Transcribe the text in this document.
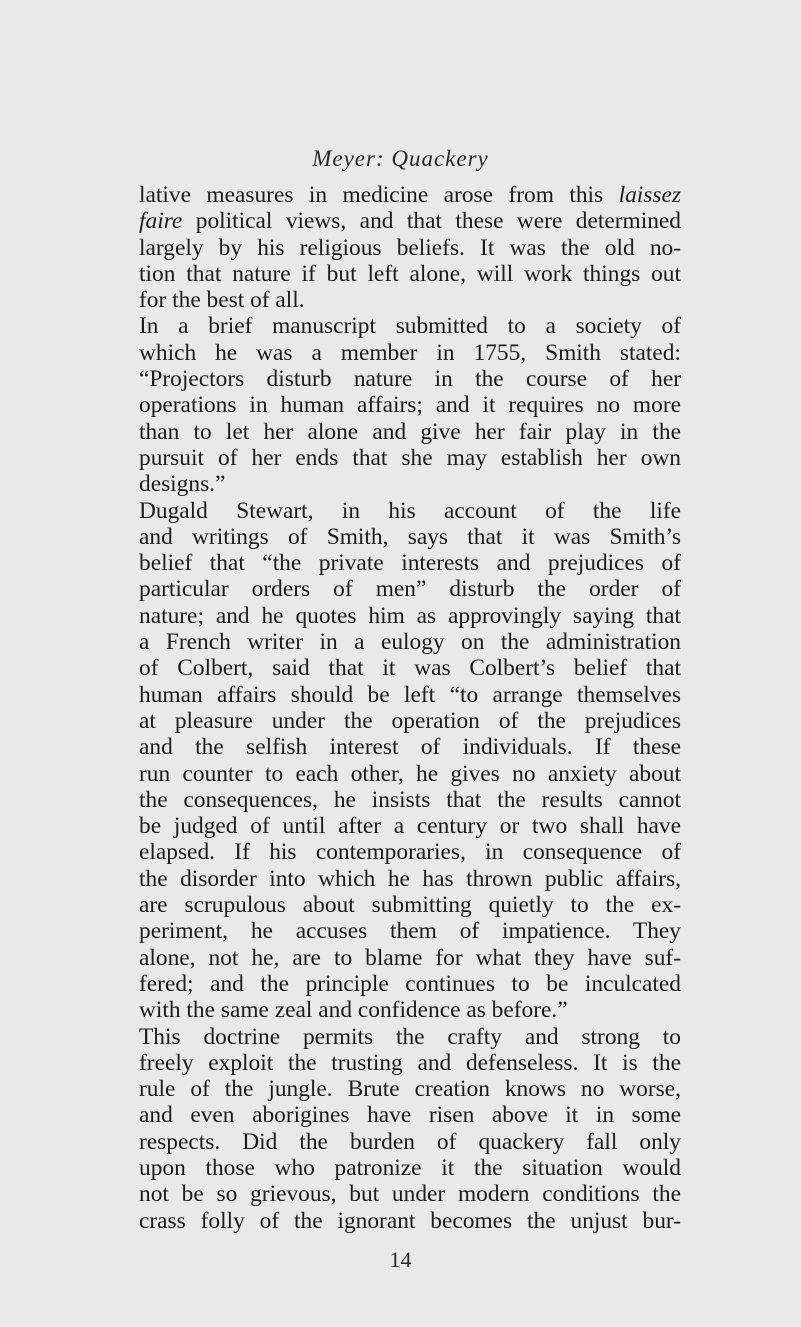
Meyer: Quackery
lative measures in medicine arose from this laissez
faire political views, and that these were determined
largely by his religious beliefs. It was the old no-
tion that nature if but left alone, will work things out
for the best of all.
In a brief manuscript submitted to a society of
which he was a member in 1755, Smith stated:
“Projectors disturb nature in the course of her
operations in human affairs; and it requires no more
than to let her alone and give her fair play in the
pursuit of her ends that she may establish her own
designs.”
Dugald Stewart, in his account of the life
and writings of Smith, says that it was Smith’s
belief that “the private interests and prejudices of
particular orders of men” disturb the order of
nature; and he quotes him as approvingly saying that
a French writer in a eulogy on the administration
of Colbert, said that it was Colbert’s belief that
human affairs should be left “to arrange themselves
at pleasure under the operation of the prejudices
and the selfish interest of individuals. If these
run counter to each other, he gives no anxiety about
the consequences, he insists that the results cannot
be judged of until after a century or two shall have
elapsed. If his contemporaries, in consequence of
the disorder into which he has thrown public affairs,
are scrupulous about submitting quietly to the ex-
periment, he accuses them of impatience. They
alone, not he, are to blame for what they have suf-
fered; and the principle continues to be inculcated
with the same zeal and confidence as before.”
This doctrine permits the crafty and strong to
freely exploit the trusting and defenseless. It is the
rule of the jungle. Brute creation knows no worse,
and even aborigines have risen above it in some
respects. Did the burden of quackery fall only
upon those who patronize it the situation would
not be so grievous, but under modern conditions the
crass folly of the ignorant becomes the unjust bur-
14
